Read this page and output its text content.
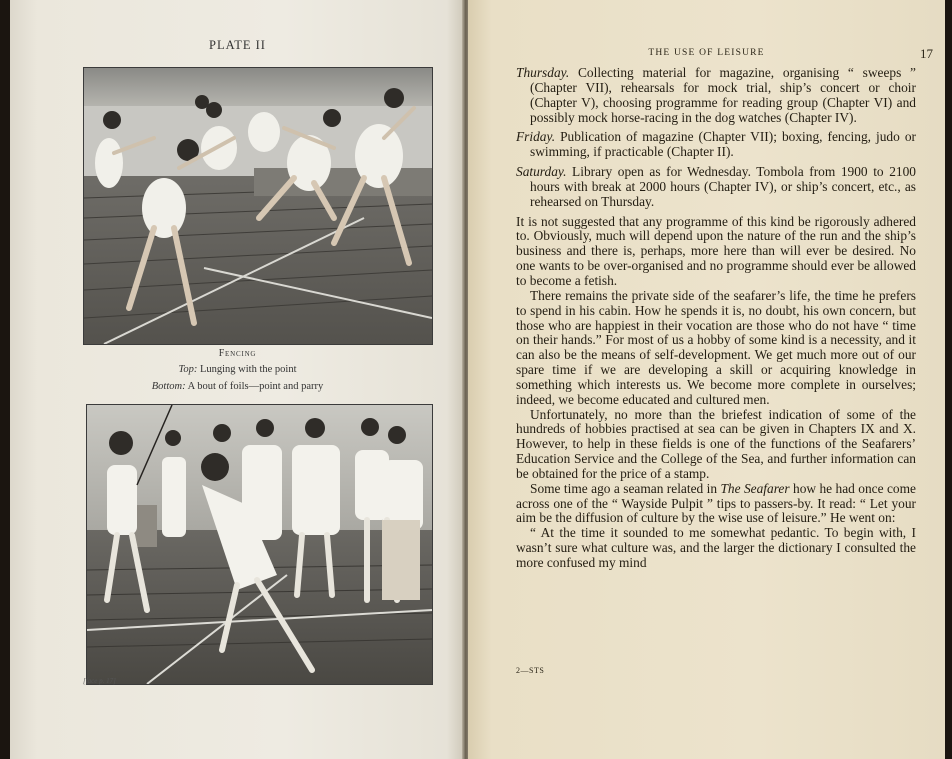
PLATE II
Fencing
Top: Lunging with the point
Bottom: A bout of foils—point and parry
[face p. 17]
THE USE OF LEISURE	17

Thursday. Collecting material for magazine, organising “ sweeps ” (Chapter VII), rehearsals for mock trial, ship’s concert or choir (Chapter V), choosing programme for reading group (Chapter VI) and possibly mock horse-racing in the dog watches (Chapter IV).

Friday. Publication of magazine (Chapter VII); boxing, fencing, judo or swimming, if practicable (Chapter II).

Saturday. Library open as for Wednesday. Tombola from 1900 to 2100 hours with break at 2000 hours (Chapter IV), or ship’s concert, etc., as rehearsed on Thursday.

It is not suggested that any programme of this kind be rigorously adhered to. Obviously, much will depend upon the nature of the run and the ship’s business and there is, perhaps, more here than will ever be desired. No one wants to be over-organised and no programme should ever be allowed to become a fetish.

There remains the private side of the seafarer’s life, the time he prefers to spend in his cabin. How he spends it is, no doubt, his own concern, but those who are happiest in their vocation are those who do not have “ time on their hands.” For most of us a hobby of some kind is a necessity, and it can also be the means of self-development. We get much more out of our spare time if we are developing a skill or acquiring knowledge in something which interests us. We become more complete in ourselves; indeed, we become educated and cultured men.

Unfortunately, no more than the briefest indication of some of the hundreds of hobbies practised at sea can be given in Chapters IX and X. However, to help in these fields is one of the functions of the Seafarers’ Education Service and the College of the Sea, and further information can be obtained for the price of a stamp.

Some time ago a seaman related in The Seafarer how he had once come across one of the “ Wayside Pulpit ” tips to passers-by. It read: “ Let your aim be the diffusion of culture by the wise use of leisure.” He went on:

“ At the time it sounded to me somewhat pedantic. To begin with, I wasn’t sure what culture was, and the larger the dictionary I consulted the more confused my mind

2—STS
